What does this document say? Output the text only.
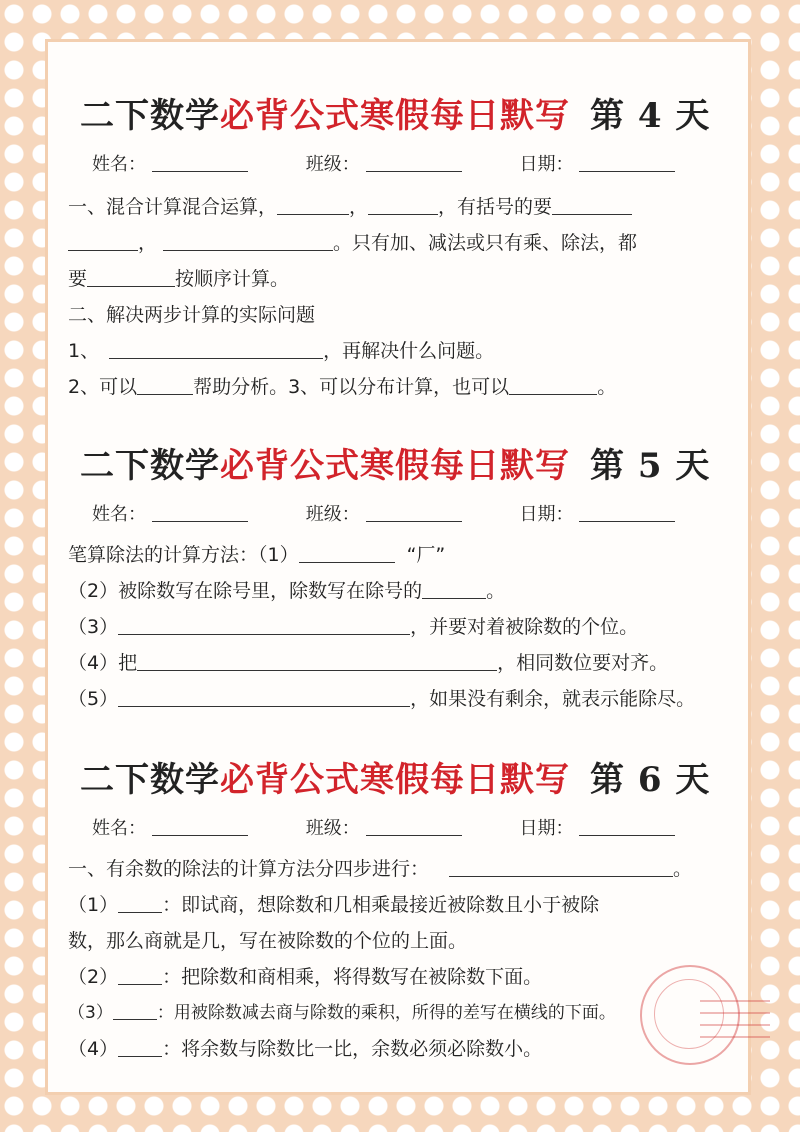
二下数学必背公式寒假每日默写 第 4 天
姓名：	班级：	日期：
一、混合计算混合运算，	，	，有括号的要
，	。只有加、减法或只有乘、除法，都
要	按顺序计算。
二、解决两步计算的实际问题
1、	，再解决什么问题。
2、可以	帮助分析。3、可以分布计算，也可以	。
二下数学必背公式寒假每日默写 第 5 天
姓名：	班级：	日期：
笔算除法的计算方法：（1）	“厂”
（2）被除数写在除号里，除数写在除号的	。
（3）	，并要对着被除数的个位。
（4）把	，相同数位要对齐。
（5）	，如果没有剩余，就表示能除尽。
二下数学必背公式寒假每日默写 第 6 天
姓名：	班级：	日期：
一、有余数的除法的计算方法分四步进行：	。
（1） ：即试商，想除数和几相乘最接近被除数且小于被除
数，那么商就是几，写在被除数的个位的上面。
（2） ：把除数和商相乘，将得数写在被除数下面。
（3）	：用被除数减去商与除数的乘积，所得的差写在横线的下面。
（4） ：将余数与除数比一比，余数必须必除数小。
